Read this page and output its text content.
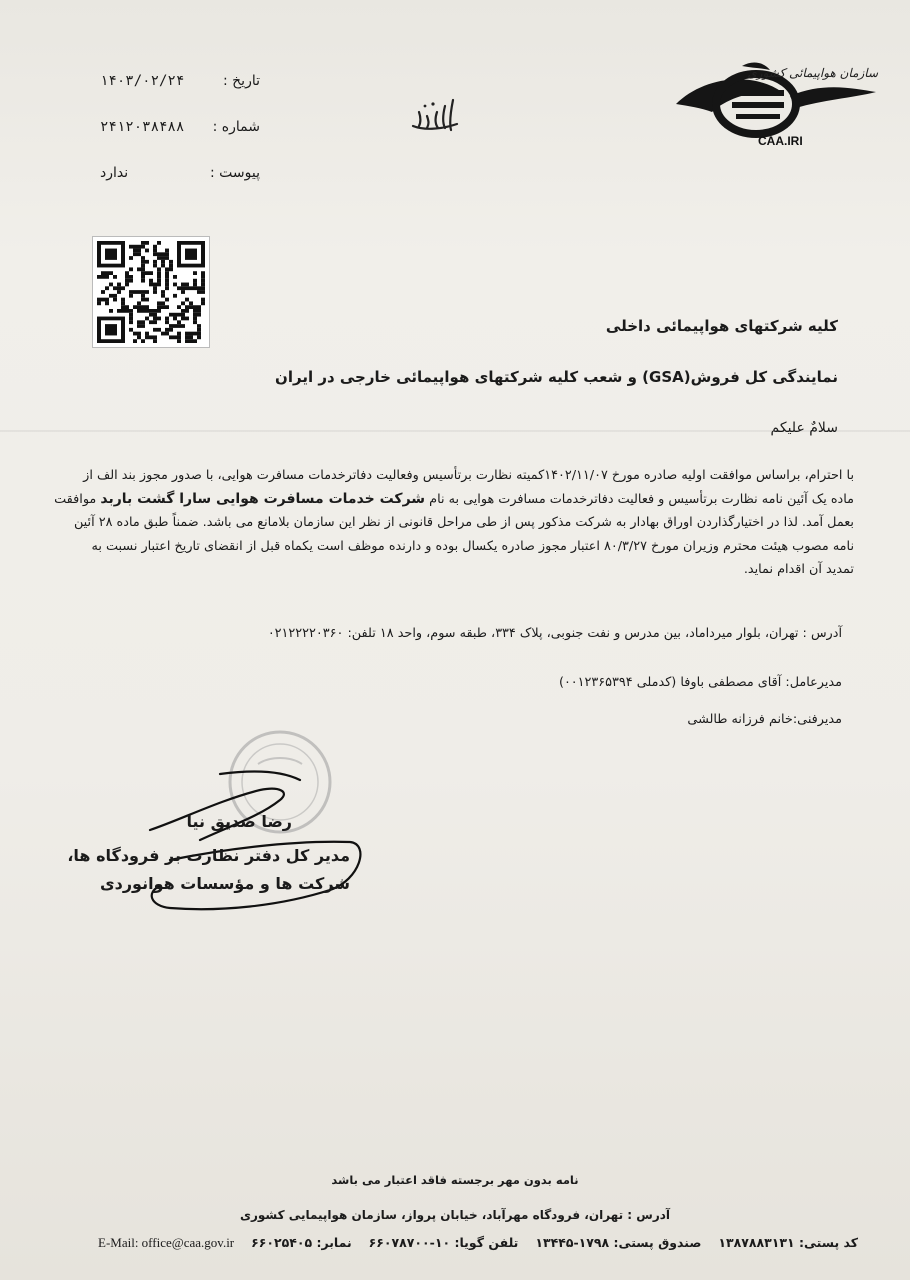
تاریخ :
۱۴۰۳/۰۲/۲۴
شماره :
۲۴۱۲۰۳۸۴۸۸
پیوست :
ندارد
سازمان هواپیمائی کشوری
CAA.IRI
کلیه شرکتهای هواپیمائی داخلی
نمایندگی کل فروش(GSA) و شعب کلیه شرکتهای هواپیمائی خارجی در ایران
سلامٌ علیکم
با احترام، براساس موافقت اولیه صادره مورخ ۱۴۰۲/۱۱/۰۷کمیته نظارت برتأسیس وفعالیت دفاترخدمات مسافرت هوایی، با صدور مجوز بند الف از
ماده یک آئین نامه نظارت برتأسیس و فعالیت دفاترخدمات مسافرت هوایی به نام شرکت خدمات مسافرت هوایی سارا گشت باربد موافقت
بعمل آمد. لذا در اختیارگذاردن اوراق بهادار به شرکت مذکور پس از طی مراحل قانونی از نظر این سازمان بلامانع می باشد. ضمناً طبق ماده ۲۸ آئین
نامه مصوب هیئت محترم وزیران مورخ ۸۰/۳/۲۷ اعتبار مجوز صادره یکسال بوده و دارنده موظف است یکماه قبل از انقضای تاریخ اعتبار نسبت به
تمدید آن اقدام نماید.
آدرس : تهران، بلوار میرداماد، بین مدرس و نفت جنوبی، پلاک ۳۳۴، طبقه سوم، واحد ۱۸ تلفن: ۰۲۱۲۲۲۲۰۳۶۰
مدیرعامل: آقای مصطفی باوفا (کدملی ۰۰۱۲۳۶۵۳۹۴)
مدیرفنی:خانم فرزانه طالشی
رضا صدیق نیا
مدیر کل دفتر نظارت بر فرودگاه ها،
شرکت ها و مؤسسات هوانوردی
نامه بدون مهر برجسته فاقد اعتبار می باشد
آدرس : تهران، فرودگاه مهرآباد، خیابان پرواز، سازمان هواپیمایی کشوری
کد پستی: ۱۳۸۷۸۸۳۱۳۱
صندوق پستی: ۱۷۹۸-۱۳۴۴۵
تلفن گویا: ۱۰-۶۶۰۷۸۷۰۰
نمابر: ۶۶۰۲۵۴۰۵
E-Mail: office@caa.gov.ir
